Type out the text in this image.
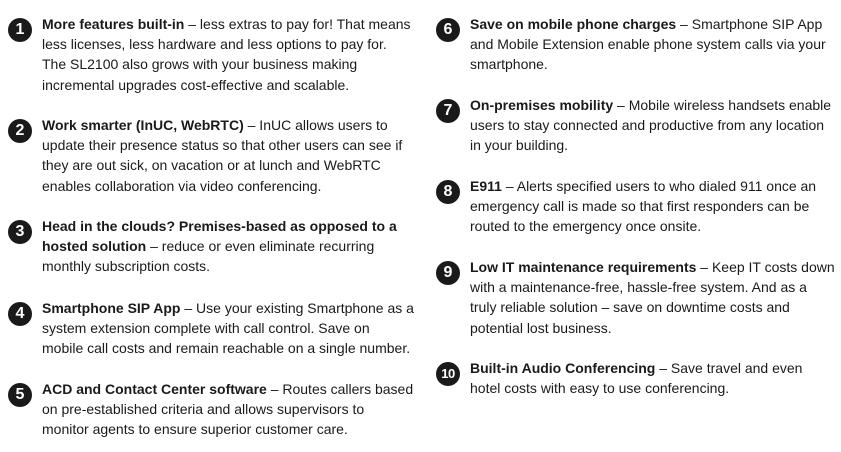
1	More features built-in – less extras to pay for! That means less licenses, less hardware and less options to pay for. The SL2100 also grows with your business making incremental upgrades cost-effective and scalable.
2	Work smarter (InUC, WebRTC) – InUC allows users to update their presence status so that other users can see if they are out sick, on vacation or at lunch and WebRTC enables collaboration via video conferencing.
3	Head in the clouds? Premises-based as opposed to a hosted solution – reduce or even eliminate recurring monthly subscription costs.
4	Smartphone SIP App – Use your existing Smartphone as a system extension complete with call control. Save on mobile call costs and remain reachable on a single number.
5	ACD and Contact Center software – Routes callers based on pre-established criteria and allows supervisors to monitor agents to ensure superior customer care.
6	Save on mobile phone charges – Smartphone SIP App and Mobile Extension enable phone system calls via your smartphone.
7	On-premises mobility – Mobile wireless handsets enable users to stay connected and productive from any location in your building.
8	E911 – Alerts specified users to who dialed 911 once an emergency call is made so that first responders can be routed to the emergency once onsite.
9	Low IT maintenance requirements – Keep IT costs down with a maintenance-free, hassle-free system. And as a truly reliable solution – save on downtime costs and potential lost business.
10	Built-in Audio Conferencing – Save travel and even hotel costs with easy to use conferencing.
